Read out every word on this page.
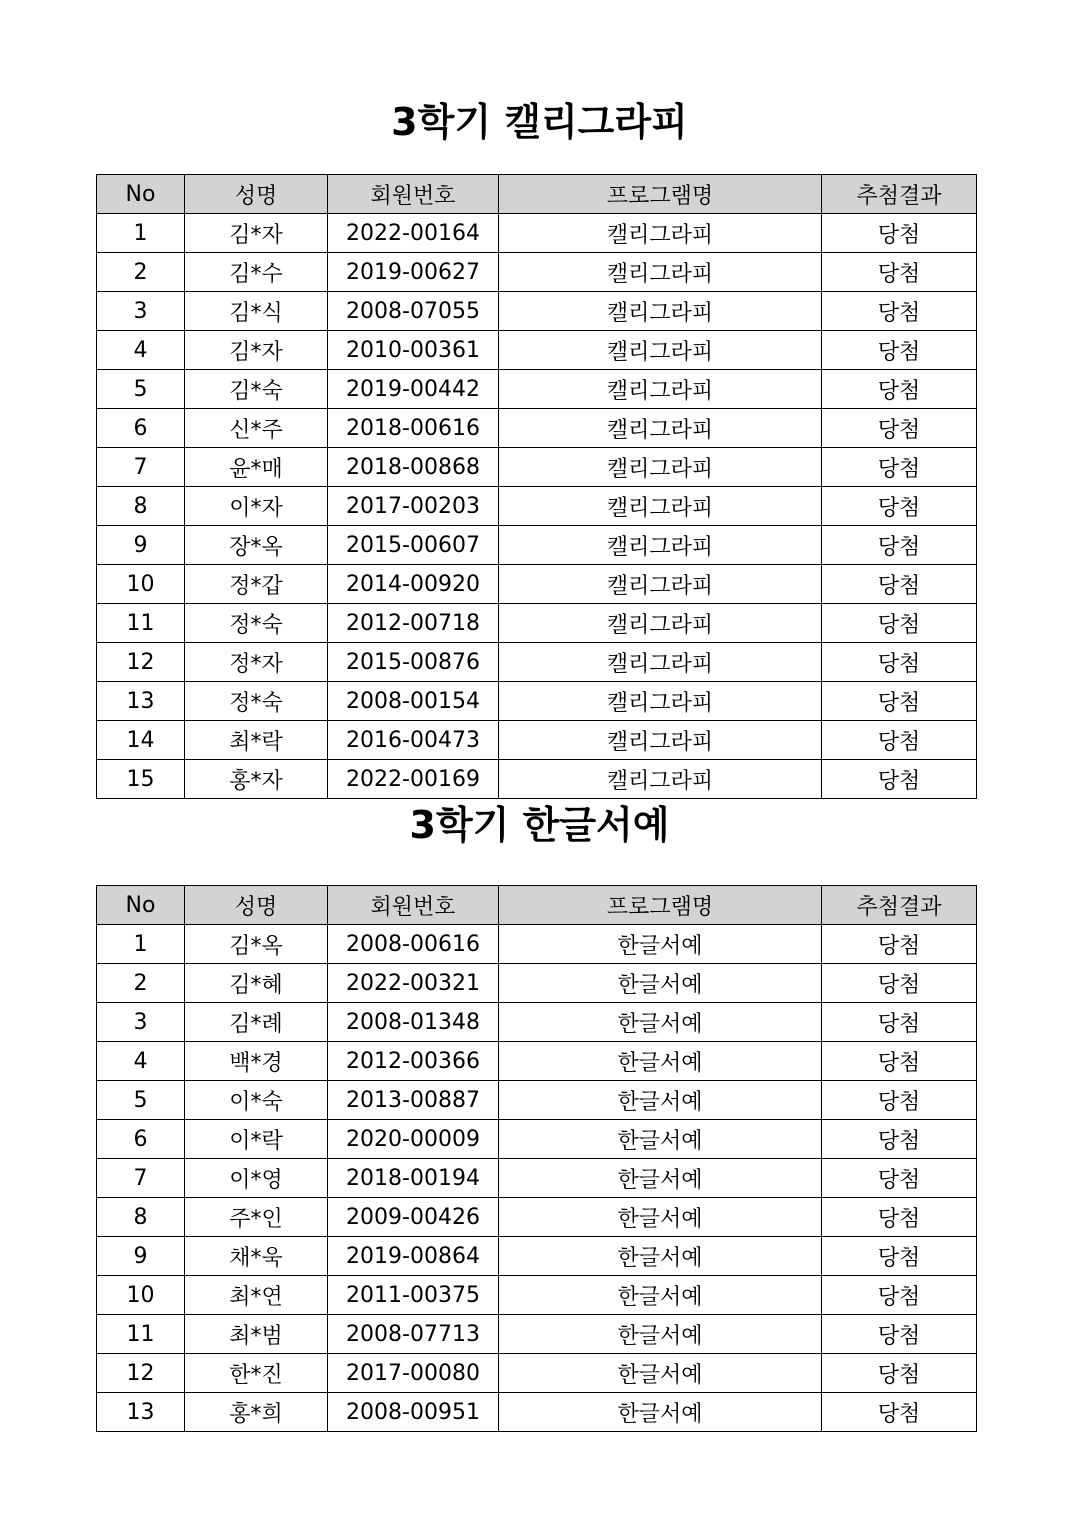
3학기 캘리그라피
No	성명	회원번호	프로그램명	추첨결과
1	김*자	2022-00164	캘리그라피	당첨
2	김*수	2019-00627	캘리그라피	당첨
3	김*식	2008-07055	캘리그라피	당첨
4	김*자	2010-00361	캘리그라피	당첨
5	김*숙	2019-00442	캘리그라피	당첨
6	신*주	2018-00616	캘리그라피	당첨
7	윤*매	2018-00868	캘리그라피	당첨
8	이*자	2017-00203	캘리그라피	당첨
9	장*옥	2015-00607	캘리그라피	당첨
10	정*갑	2014-00920	캘리그라피	당첨
11	정*숙	2012-00718	캘리그라피	당첨
12	정*자	2015-00876	캘리그라피	당첨
13	정*숙	2008-00154	캘리그라피	당첨
14	최*락	2016-00473	캘리그라피	당첨
15	홍*자	2022-00169	캘리그라피	당첨
3학기 한글서예
No	성명	회원번호	프로그램명	추첨결과
1	김*옥	2008-00616	한글서예	당첨
2	김*혜	2022-00321	한글서예	당첨
3	김*례	2008-01348	한글서예	당첨
4	백*경	2012-00366	한글서예	당첨
5	이*숙	2013-00887	한글서예	당첨
6	이*락	2020-00009	한글서예	당첨
7	이*영	2018-00194	한글서예	당첨
8	주*인	2009-00426	한글서예	당첨
9	채*욱	2019-00864	한글서예	당첨
10	최*연	2011-00375	한글서예	당첨
11	최*범	2008-07713	한글서예	당첨
12	한*진	2017-00080	한글서예	당첨
13	홍*희	2008-00951	한글서예	당첨
